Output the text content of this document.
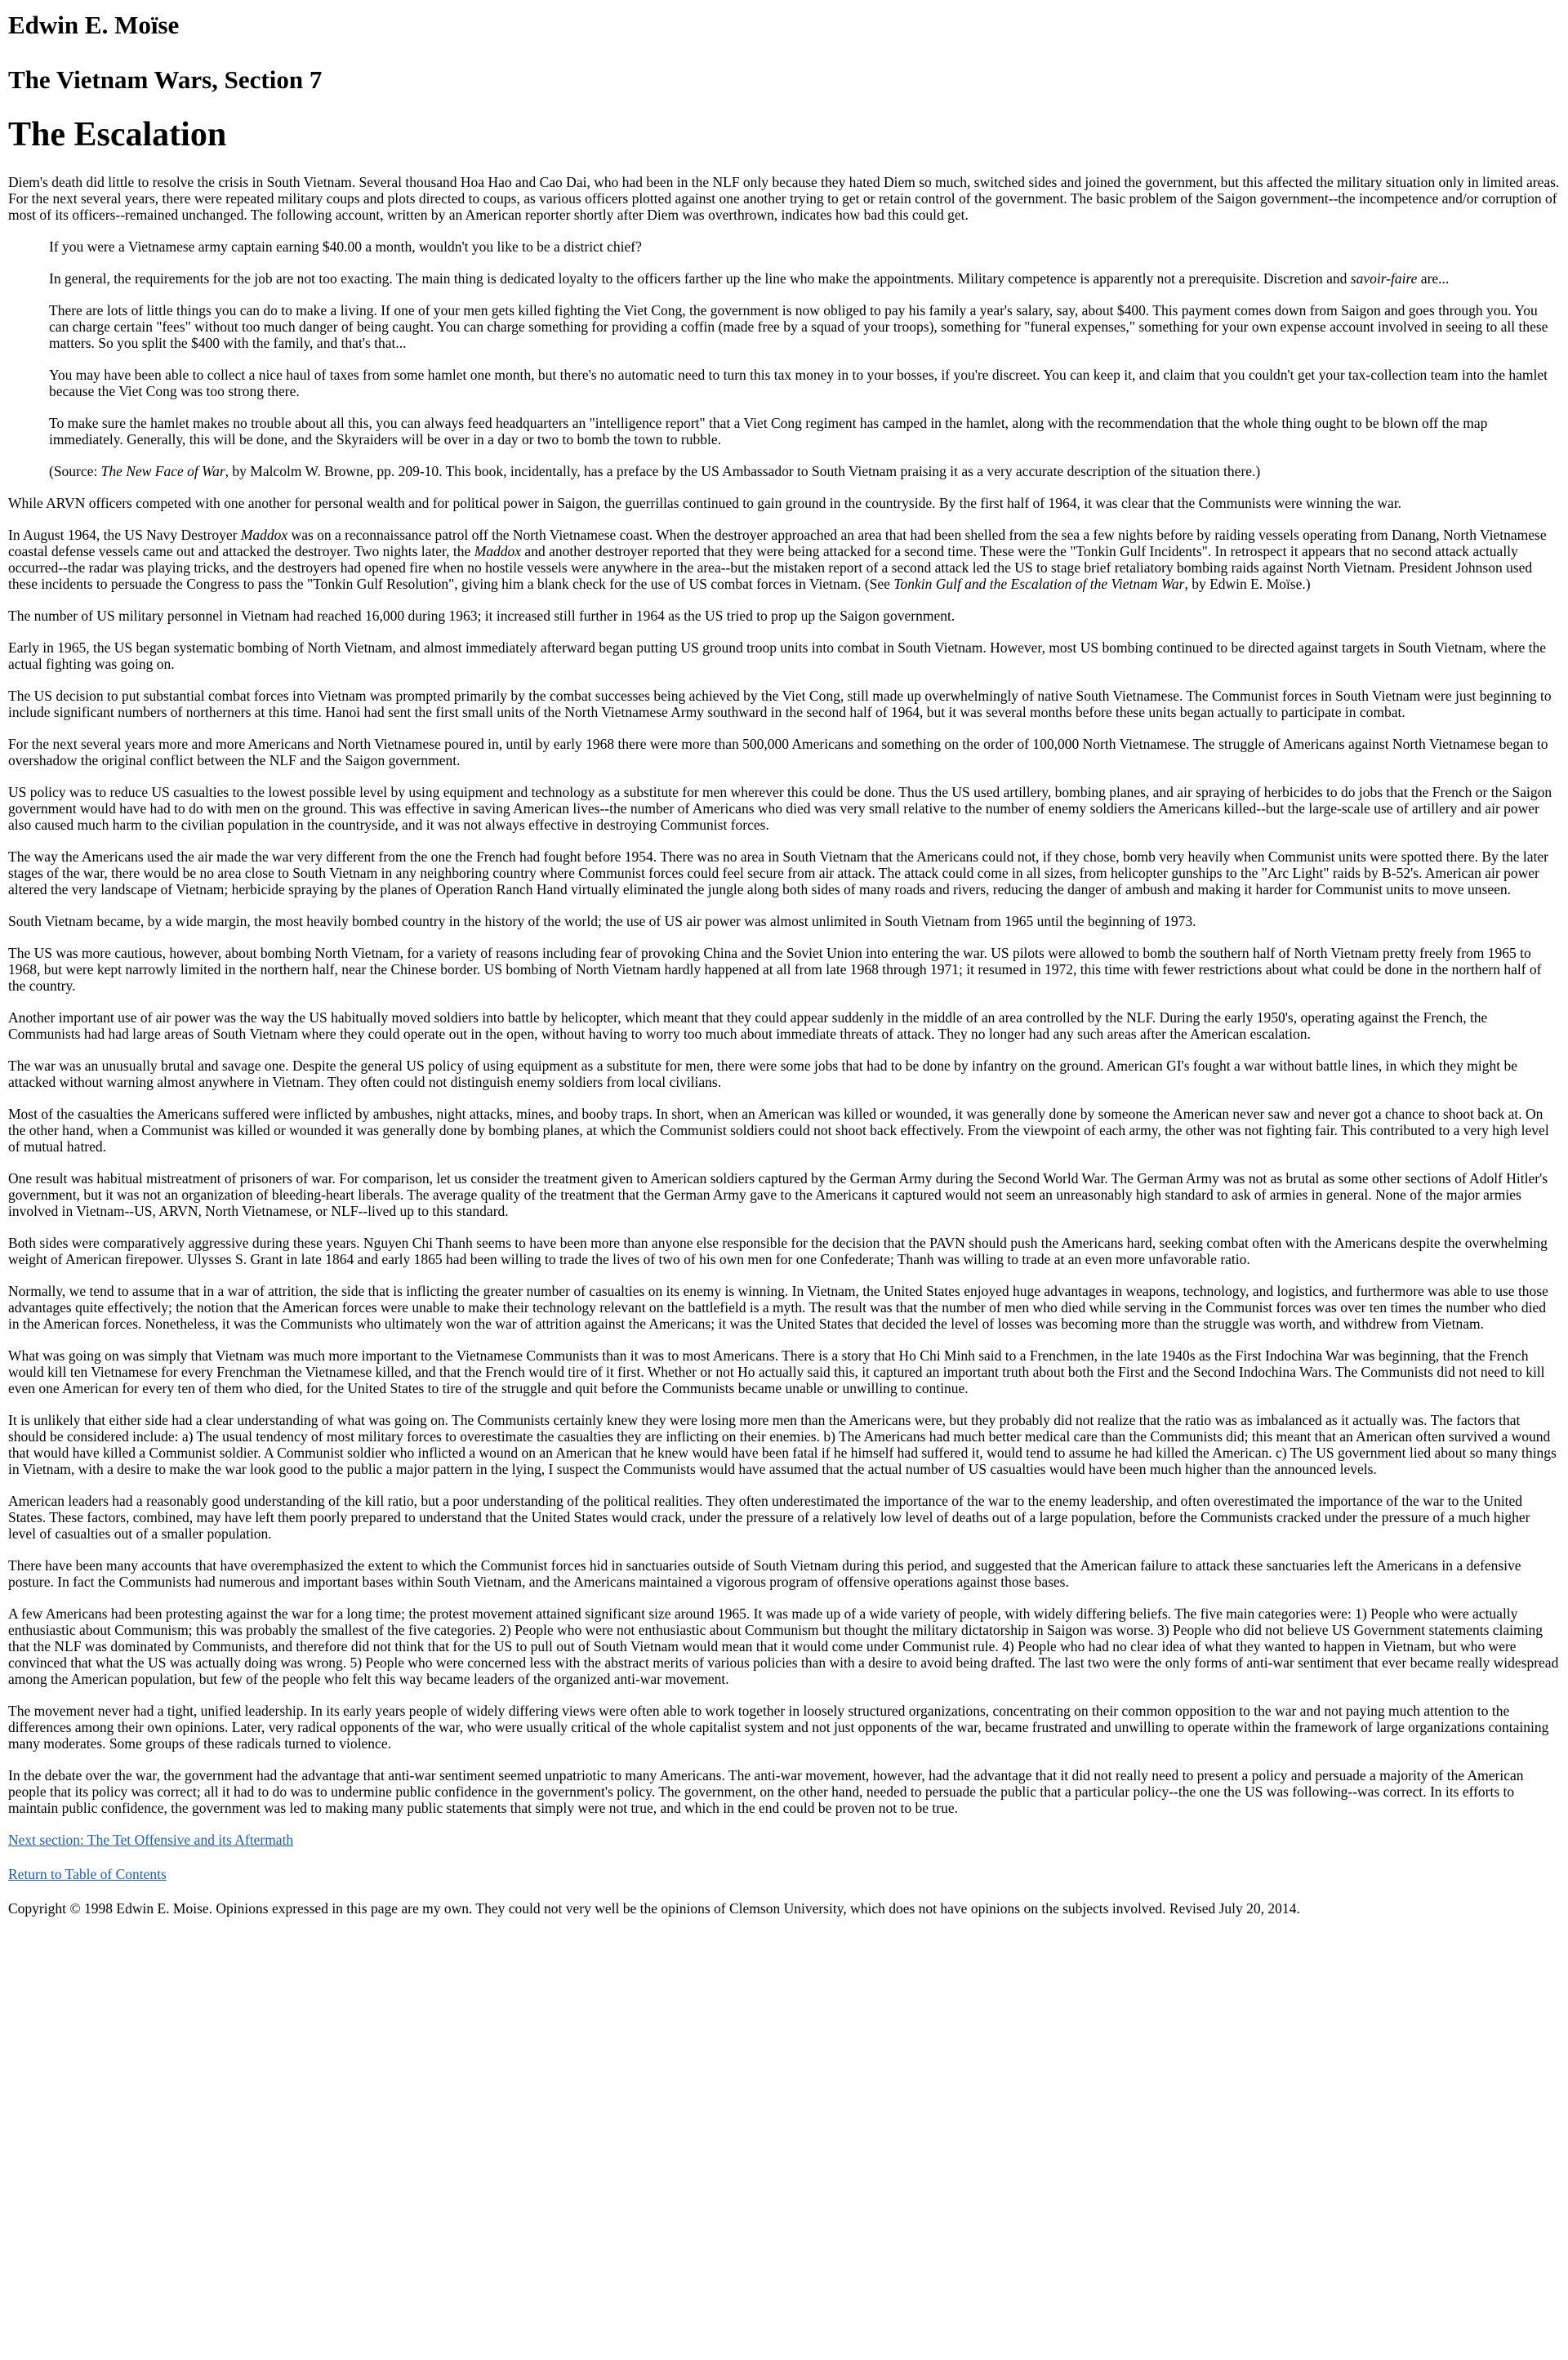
Edwin E. Moïse
The Vietnam Wars, Section 7
The Escalation

Diem's death did little to resolve the crisis in South Vietnam. Several thousand Hoa Hao and Cao Dai, who had been in the NLF only because they hated Diem so much, switched sides and joined the government, but this affected the military situation only in limited areas. For the next several years, there were repeated military coups and plots directed to coups, as various officers plotted against one another trying to get or retain control of the government. The basic problem of the Saigon government--the incompetence and/or corruption of most of its officers--remained unchanged. The following account, written by an American reporter shortly after Diem was overthrown, indicates how bad this could get.

If you were a Vietnamese army captain earning $40.00 a month, wouldn't you like to be a district chief?

In general, the requirements for the job are not too exacting. The main thing is dedicated loyalty to the officers farther up the line who make the appointments. Military competence is apparently not a prerequisite. Discretion and savoir-faire are...

There are lots of little things you can do to make a living. If one of your men gets killed fighting the Viet Cong, the government is now obliged to pay his family a year's salary, say, about $400. This payment comes down from Saigon and goes through you. You can charge certain "fees" without too much danger of being caught. You can charge something for providing a coffin (made free by a squad of your troops), something for "funeral expenses," something for your own expense account involved in seeing to all these matters. So you split the $400 with the family, and that's that...

You may have been able to collect a nice haul of taxes from some hamlet one month, but there's no automatic need to turn this tax money in to your bosses, if you're discreet. You can keep it, and claim that you couldn't get your tax-collection team into the hamlet because the Viet Cong was too strong there.

To make sure the hamlet makes no trouble about all this, you can always feed headquarters an "intelligence report" that a Viet Cong regiment has camped in the hamlet, along with the recommendation that the whole thing ought to be blown off the map immediately. Generally, this will be done, and the Skyraiders will be over in a day or two to bomb the town to rubble.

(Source: The New Face of War, by Malcolm W. Browne, pp. 209-10. This book, incidentally, has a preface by the US Ambassador to South Vietnam praising it as a very accurate description of the situation there.)

While ARVN officers competed with one another for personal wealth and for political power in Saigon, the guerrillas continued to gain ground in the countryside. By the first half of 1964, it was clear that the Communists were winning the war.

In August 1964, the US Navy Destroyer Maddox was on a reconnaissance patrol off the North Vietnamese coast. When the destroyer approached an area that had been shelled from the sea a few nights before by raiding vessels operating from Danang, North Vietnamese coastal defense vessels came out and attacked the destroyer. Two nights later, the Maddox and another destroyer reported that they were being attacked for a second time. These were the "Tonkin Gulf Incidents". In retrospect it appears that no second attack actually occurred--the radar was playing tricks, and the destroyers had opened fire when no hostile vessels were anywhere in the area--but the mistaken report of a second attack led the US to stage brief retaliatory bombing raids against North Vietnam. President Johnson used these incidents to persuade the Congress to pass the "Tonkin Gulf Resolution", giving him a blank check for the use of US combat forces in Vietnam. (See Tonkin Gulf and the Escalation of the Vietnam War, by Edwin E. Moïse.)

The number of US military personnel in Vietnam had reached 16,000 during 1963; it increased still further in 1964 as the US tried to prop up the Saigon government.

Early in 1965, the US began systematic bombing of North Vietnam, and almost immediately afterward began putting US ground troop units into combat in South Vietnam. However, most US bombing continued to be directed against targets in South Vietnam, where the actual fighting was going on.

The US decision to put substantial combat forces into Vietnam was prompted primarily by the combat successes being achieved by the Viet Cong, still made up overwhelmingly of native South Vietnamese. The Communist forces in South Vietnam were just beginning to include significant numbers of northerners at this time. Hanoi had sent the first small units of the North Vietnamese Army southward in the second half of 1964, but it was several months before these units began actually to participate in combat.

For the next several years more and more Americans and North Vietnamese poured in, until by early 1968 there were more than 500,000 Americans and something on the order of 100,000 North Vietnamese. The struggle of Americans against North Vietnamese began to overshadow the original conflict between the NLF and the Saigon government.

US policy was to reduce US casualties to the lowest possible level by using equipment and technology as a substitute for men wherever this could be done. Thus the US used artillery, bombing planes, and air spraying of herbicides to do jobs that the French or the Saigon government would have had to do with men on the ground. This was effective in saving American lives--the number of Americans who died was very small relative to the number of enemy soldiers the Americans killed--but the large-scale use of artillery and air power also caused much harm to the civilian population in the countryside, and it was not always effective in destroying Communist forces.

The way the Americans used the air made the war very different from the one the French had fought before 1954. There was no area in South Vietnam that the Americans could not, if they chose, bomb very heavily when Communist units were spotted there. By the later stages of the war, there would be no area close to South Vietnam in any neighboring country where Communist forces could feel secure from air attack. The attack could come in all sizes, from helicopter gunships to the "Arc Light" raids by B-52's. American air power altered the very landscape of Vietnam; herbicide spraying by the planes of Operation Ranch Hand virtually eliminated the jungle along both sides of many roads and rivers, reducing the danger of ambush and making it harder for Communist units to move unseen.

South Vietnam became, by a wide margin, the most heavily bombed country in the history of the world; the use of US air power was almost unlimited in South Vietnam from 1965 until the beginning of 1973.

The US was more cautious, however, about bombing North Vietnam, for a variety of reasons including fear of provoking China and the Soviet Union into entering the war. US pilots were allowed to bomb the southern half of North Vietnam pretty freely from 1965 to 1968, but were kept narrowly limited in the northern half, near the Chinese border. US bombing of North Vietnam hardly happened at all from late 1968 through 1971; it resumed in 1972, this time with fewer restrictions about what could be done in the northern half of the country.

Another important use of air power was the way the US habitually moved soldiers into battle by helicopter, which meant that they could appear suddenly in the middle of an area controlled by the NLF. During the early 1950's, operating against the French, the Communists had had large areas of South Vietnam where they could operate out in the open, without having to worry too much about immediate threats of attack. They no longer had any such areas after the American escalation.

The war was an unusually brutal and savage one. Despite the general US policy of using equipment as a substitute for men, there were some jobs that had to be done by infantry on the ground. American GI's fought a war without battle lines, in which they might be attacked without warning almost anywhere in Vietnam. They often could not distinguish enemy soldiers from local civilians.

Most of the casualties the Americans suffered were inflicted by ambushes, night attacks, mines, and booby traps. In short, when an American was killed or wounded, it was generally done by someone the American never saw and never got a chance to shoot back at. On the other hand, when a Communist was killed or wounded it was generally done by bombing planes, at which the Communist soldiers could not shoot back effectively. From the viewpoint of each army, the other was not fighting fair. This contributed to a very high level of mutual hatred.

One result was habitual mistreatment of prisoners of war. For comparison, let us consider the treatment given to American soldiers captured by the German Army during the Second World War. The German Army was not as brutal as some other sections of Adolf Hitler's government, but it was not an organization of bleeding-heart liberals. The average quality of the treatment that the German Army gave to the Americans it captured would not seem an unreasonably high standard to ask of armies in general. None of the major armies involved in Vietnam--US, ARVN, North Vietnamese, or NLF--lived up to this standard.

Both sides were comparatively aggressive during these years. Nguyen Chi Thanh seems to have been more than anyone else responsible for the decision that the PAVN should push the Americans hard, seeking combat often with the Americans despite the overwhelming weight of American firepower. Ulysses S. Grant in late 1864 and early 1865 had been willing to trade the lives of two of his own men for one Confederate; Thanh was willing to trade at an even more unfavorable ratio.

Normally, we tend to assume that in a war of attrition, the side that is inflicting the greater number of casualties on its enemy is winning. In Vietnam, the United States enjoyed huge advantages in weapons, technology, and logistics, and furthermore was able to use those advantages quite effectively; the notion that the American forces were unable to make their technology relevant on the battlefield is a myth. The result was that the number of men who died while serving in the Communist forces was over ten times the number who died in the American forces. Nonetheless, it was the Communists who ultimately won the war of attrition against the Americans; it was the United States that decided the level of losses was becoming more than the struggle was worth, and withdrew from Vietnam.

What was going on was simply that Vietnam was much more important to the Vietnamese Communists than it was to most Americans. There is a story that Ho Chi Minh said to a Frenchmen, in the late 1940s as the First Indochina War was beginning, that the French would kill ten Vietnamese for every Frenchman the Vietnamese killed, and that the French would tire of it first. Whether or not Ho actually said this, it captured an important truth about both the First and the Second Indochina Wars. The Communists did not need to kill even one American for every ten of them who died, for the United States to tire of the struggle and quit before the Communists became unable or unwilling to continue.

It is unlikely that either side had a clear understanding of what was going on. The Communists certainly knew they were losing more men than the Americans were, but they probably did not realize that the ratio was as imbalanced as it actually was. The factors that should be considered include: a) The usual tendency of most military forces to overestimate the casualties they are inflicting on their enemies. b) The Americans had much better medical care than the Communists did; this meant that an American often survived a wound that would have killed a Communist soldier. A Communist soldier who inflicted a wound on an American that he knew would have been fatal if he himself had suffered it, would tend to assume he had killed the American. c) The US government lied about so many things in Vietnam, with a desire to make the war look good to the public a major pattern in the lying, I suspect the Communists would have assumed that the actual number of US casualties would have been much higher than the announced levels.

American leaders had a reasonably good understanding of the kill ratio, but a poor understanding of the political realities. They often underestimated the importance of the war to the enemy leadership, and often overestimated the importance of the war to the United States. These factors, combined, may have left them poorly prepared to understand that the United States would crack, under the pressure of a relatively low level of deaths out of a large population, before the Communists cracked under the pressure of a much higher level of casualties out of a smaller population.

There have been many accounts that have overemphasized the extent to which the Communist forces hid in sanctuaries outside of South Vietnam during this period, and suggested that the American failure to attack these sanctuaries left the Americans in a defensive posture. In fact the Communists had numerous and important bases within South Vietnam, and the Americans maintained a vigorous program of offensive operations against those bases.

A few Americans had been protesting against the war for a long time; the protest movement attained significant size around 1965. It was made up of a wide variety of people, with widely differing beliefs. The five main categories were: 1) People who were actually enthusiastic about Communism; this was probably the smallest of the five categories. 2) People who were not enthusiastic about Communism but thought the military dictatorship in Saigon was worse. 3) People who did not believe US Government statements claiming that the NLF was dominated by Communists, and therefore did not think that for the US to pull out of South Vietnam would mean that it would come under Communist rule. 4) People who had no clear idea of what they wanted to happen in Vietnam, but who were convinced that what the US was actually doing was wrong. 5) People who were concerned less with the abstract merits of various policies than with a desire to avoid being drafted. The last two were the only forms of anti-war sentiment that ever became really widespread among the American population, but few of the people who felt this way became leaders of the organized anti-war movement.

The movement never had a tight, unified leadership. In its early years people of widely differing views were often able to work together in loosely structured organizations, concentrating on their common opposition to the war and not paying much attention to the differences among their own opinions. Later, very radical opponents of the war, who were usually critical of the whole capitalist system and not just opponents of the war, became frustrated and unwilling to operate within the framework of large organizations containing many moderates. Some groups of these radicals turned to violence.

In the debate over the war, the government had the advantage that anti-war sentiment seemed unpatriotic to many Americans. The anti-war movement, however, had the advantage that it did not really need to present a policy and persuade a majority of the American people that its policy was correct; all it had to do was to undermine public confidence in the government's policy. The government, on the other hand, needed to persuade the public that a particular policy--the one the US was following--was correct. In its efforts to maintain public confidence, the government was led to making many public statements that simply were not true, and which in the end could be proven not to be true.

Next section: The Tet Offensive and its Aftermath

Return to Table of Contents

Copyright © 1998 Edwin E. Moise. Opinions expressed in this page are my own. They could not very well be the opinions of Clemson University, which does not have opinions on the subjects involved. Revised July 20, 2014.
